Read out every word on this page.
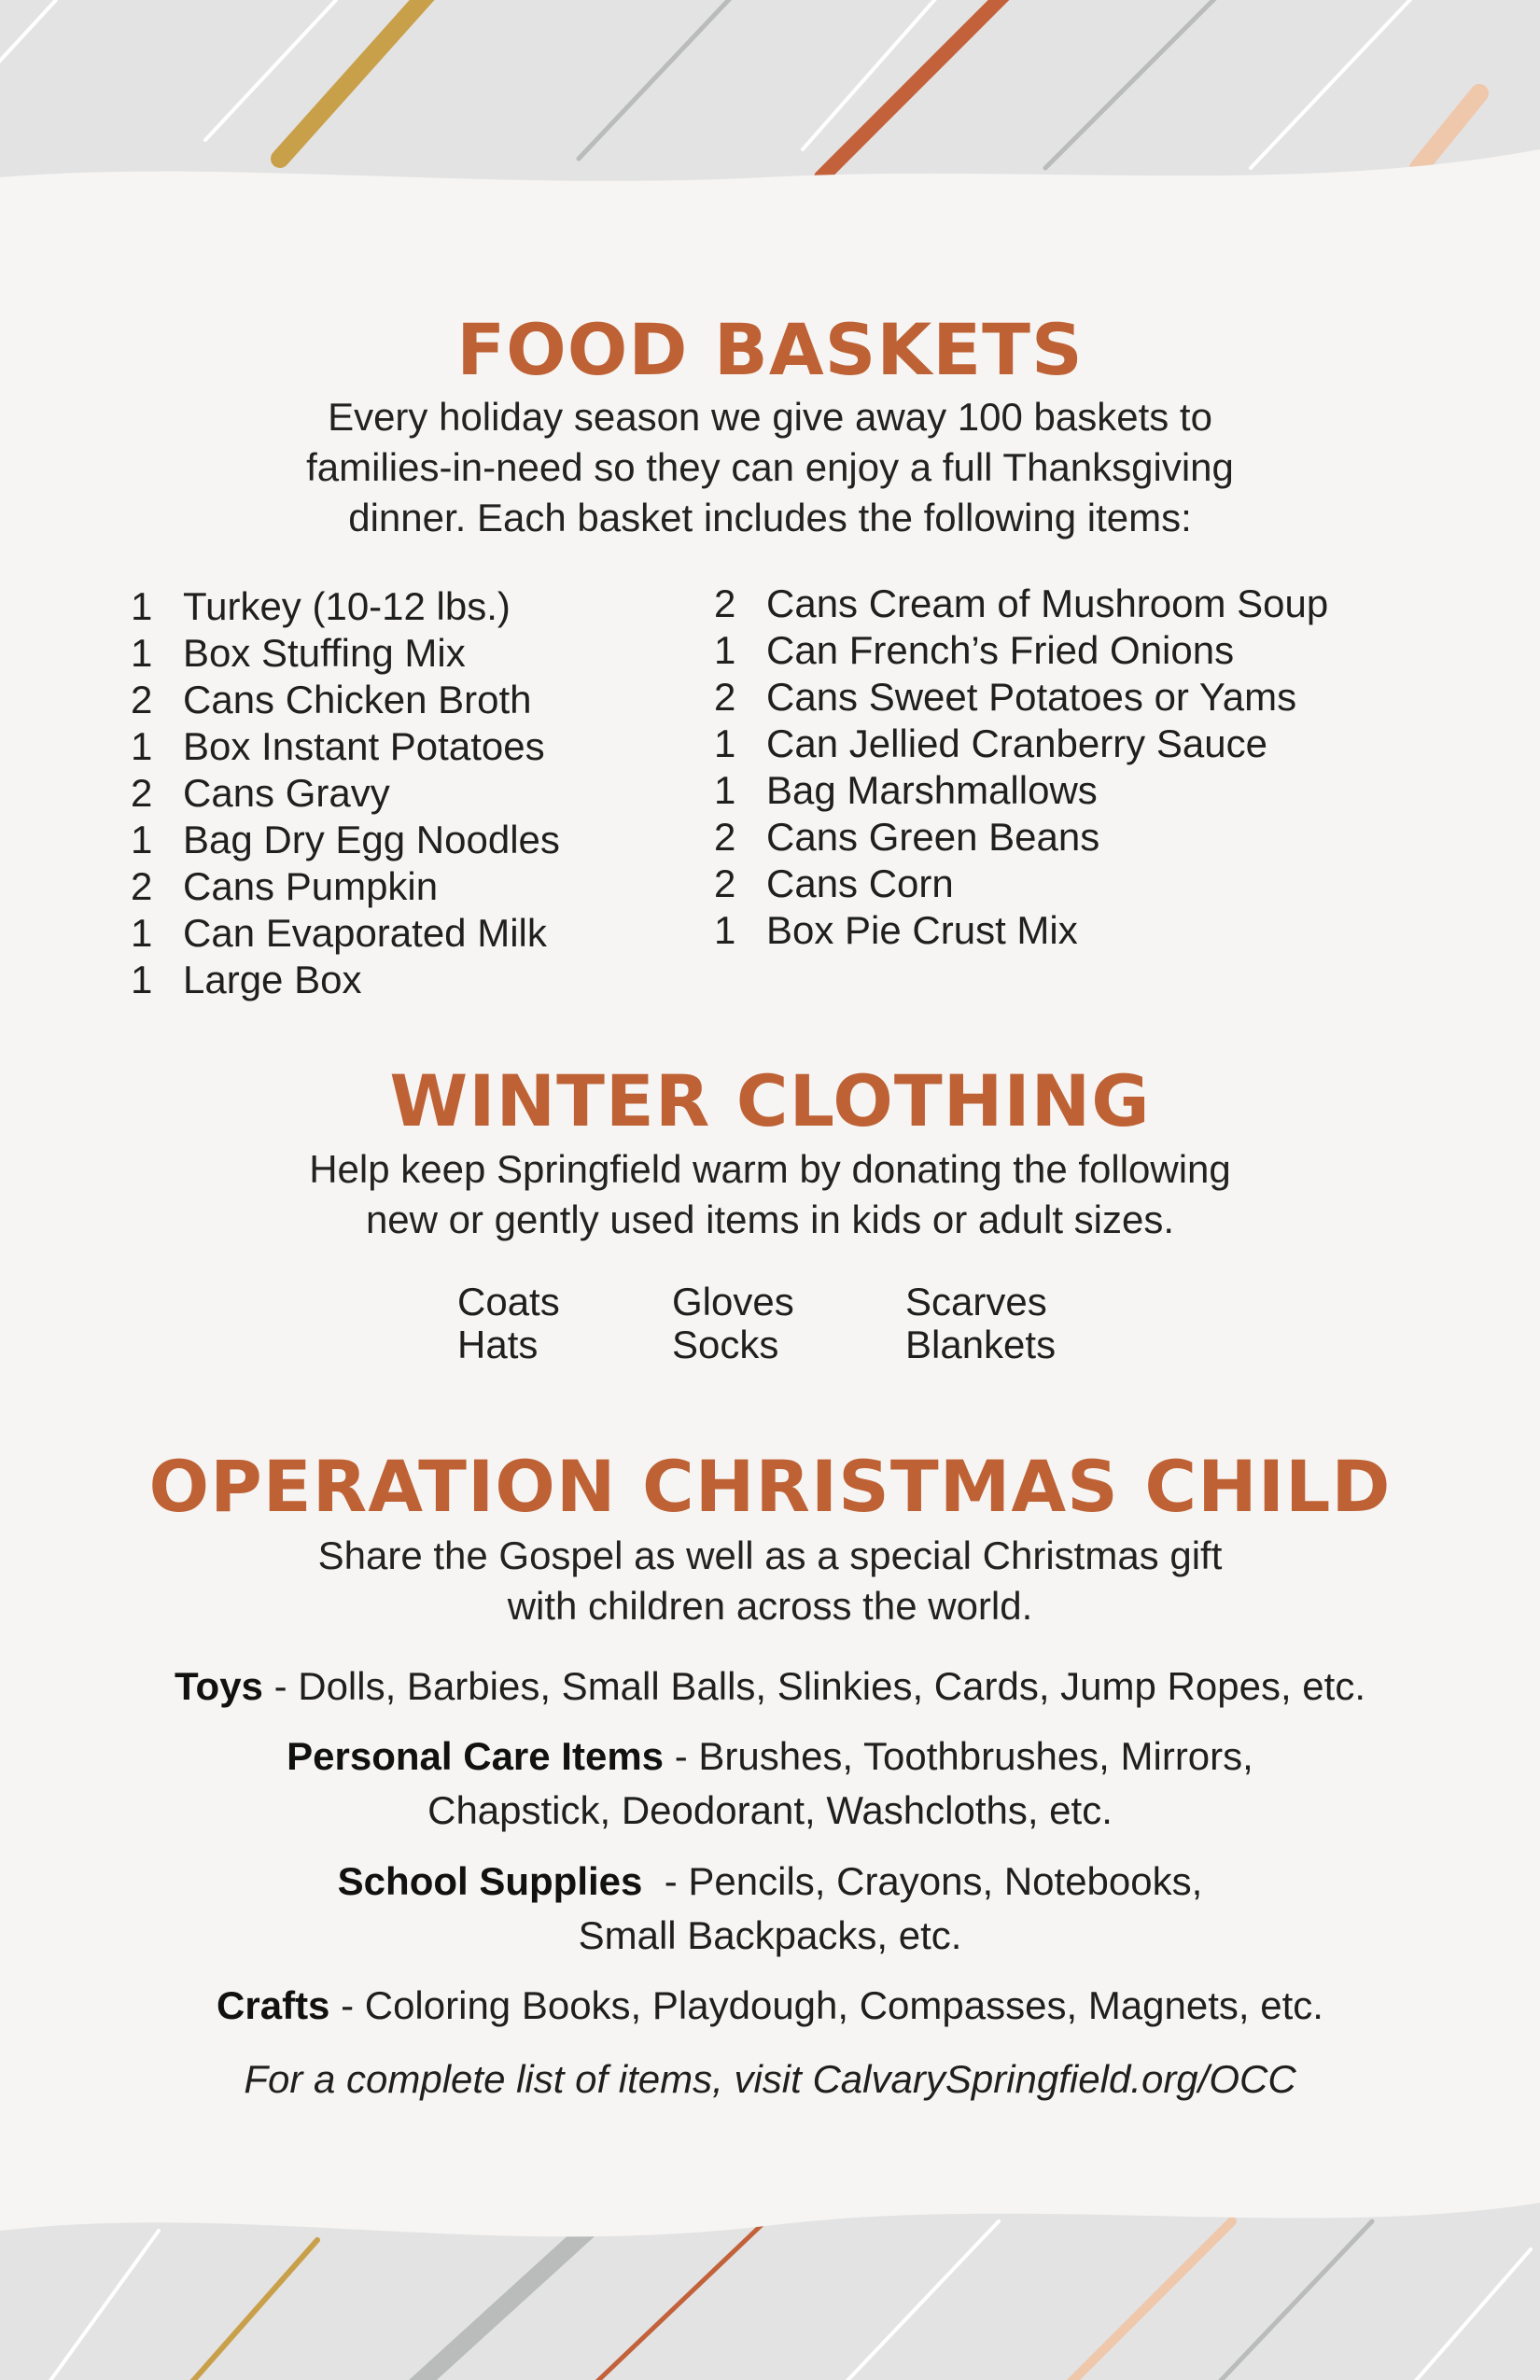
FOOD BASKETS
Every holiday season we give away 100 baskets to
families-in-need so they can enjoy a full Thanksgiving
dinner. Each basket includes the following items:
1 Turkey (10-12 lbs.)
1 Box Stuffing Mix
2 Cans Chicken Broth
1 Box Instant Potatoes
2 Cans Gravy
1 Bag Dry Egg Noodles
2 Cans Pumpkin
1 Can Evaporated Milk
1 Large Box
2 Cans Cream of Mushroom Soup
1 Can French’s Fried Onions
2 Cans Sweet Potatoes or Yams
1 Can Jellied Cranberry Sauce
1 Bag Marshmallows
2 Cans Green Beans
2 Cans Corn
1 Box Pie Crust Mix
WINTER CLOTHING
Help keep Springfield warm by donating the following
new or gently used items in kids or adult sizes.
Coats
Hats
Gloves
Socks
Scarves
Blankets
OPERATION CHRISTMAS CHILD
Share the Gospel as well as a special Christmas gift
with children across the world.
Toys - Dolls, Barbies, Small Balls, Slinkies, Cards, Jump Ropes, etc.
Personal Care Items - Brushes, Toothbrushes, Mirrors,
Chapstick, Deodorant, Washcloths, etc.
School Supplies  - Pencils, Crayons, Notebooks,
Small Backpacks, etc.
Crafts - Coloring Books, Playdough, Compasses, Magnets, etc.
For a complete list of items, visit CalvarySpringfield.org/OCC
